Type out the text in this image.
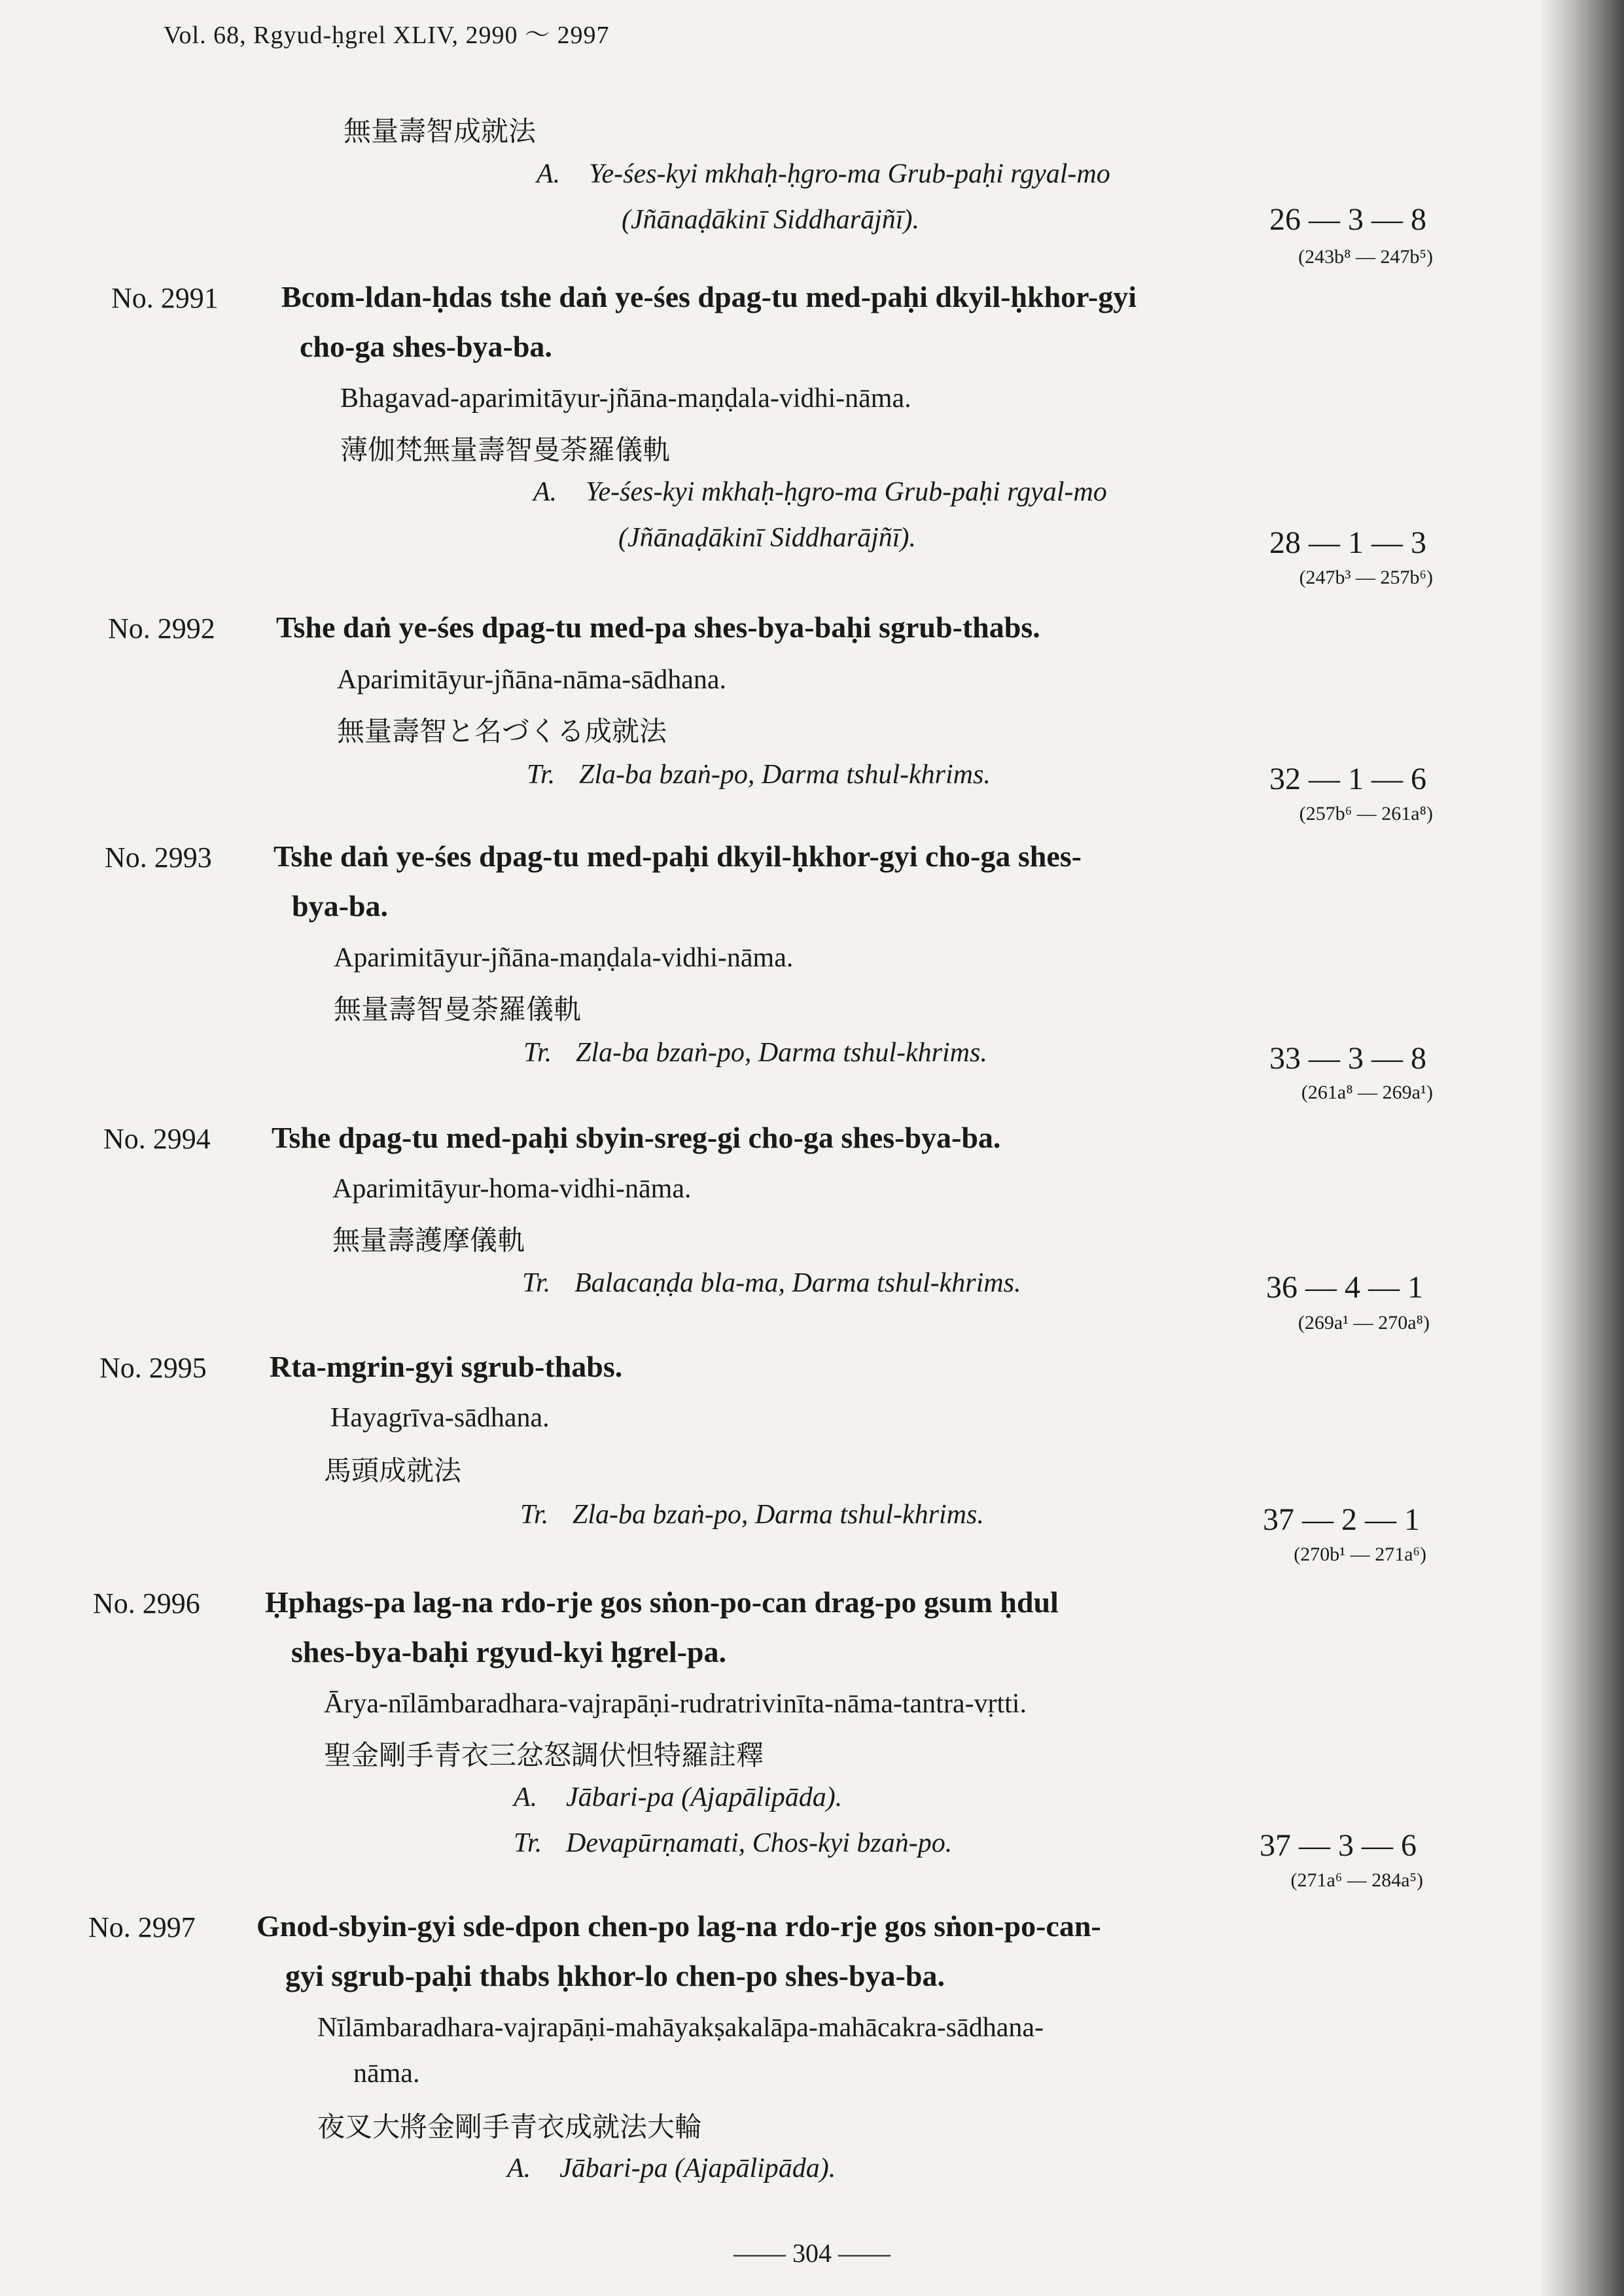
Vol. 68, Rgyud-ḥgrel XLIV, 2990 ～ 2997
無量壽智成就法
A. Ye-śes-kyi mkhaḥ-ḥgro-ma Grub-paḥi rgyal-mo
(Jñānaḍākinī Siddharājñī).	26 — 3 — 8
(243b⁸ — 247b⁵)
No. 2991 Bcom-ldan-ḥdas tshe daṅ ye-śes dpag-tu med-paḥi dkyil-ḥkhor-gyi
cho-ga shes-bya-ba.
Bhagavad-aparimitāyur-jñāna-maṇḍala-vidhi-nāma.
薄伽梵無量壽智曼荼羅儀軌
A. Ye-śes-kyi mkhaḥ-ḥgro-ma Grub-paḥi rgyal-mo
(Jñānaḍākinī Siddharājñī).	28 — 1 — 3
(247b³ — 257b⁶)
No. 2992 Tshe daṅ ye-śes dpag-tu med-pa shes-bya-baḥi sgrub-thabs.
Aparimitāyur-jñāna-nāma-sādhana.
無量壽智と名づくる成就法
Tr. Zla-ba bzaṅ-po, Darma tshul-khrims.	32 — 1 — 6
(257b⁶ — 261a⁸)
No. 2993 Tshe daṅ ye-śes dpag-tu med-paḥi dkyil-ḥkhor-gyi cho-ga shes-
bya-ba.
Aparimitāyur-jñāna-maṇḍala-vidhi-nāma.
無量壽智曼荼羅儀軌
Tr. Zla-ba bzaṅ-po, Darma tshul-khrims.	33 — 3 — 8
(261a⁸ — 269a¹)
No. 2994 Tshe dpag-tu med-paḥi sbyin-sreg-gi cho-ga shes-bya-ba.
Aparimitāyur-homa-vidhi-nāma.
無量壽護摩儀軌
Tr. Balacaṇḍa bla-ma, Darma tshul-khrims.	36 — 4 — 1
(269a¹ — 270a⁸)
No. 2995 Rta-mgrin-gyi sgrub-thabs.
Hayagrīva-sādhana.
馬頭成就法
Tr. Zla-ba bzaṅ-po, Darma tshul-khrims.	37 — 2 — 1
(270b¹ — 271a⁶)
No. 2996 Ḥphags-pa lag-na rdo-rje gos sṅon-po-can drag-po gsum ḥdul
shes-bya-baḥi rgyud-kyi ḥgrel-pa.
Ārya-nīlāmbaradhara-vajrapāṇi-rudratrivinīta-nāma-tantra-vṛtti.
聖金剛手青衣三忿怒調伏怛特羅註釋
A. Jābari-pa (Ajapālipāda).
Tr. Devapūrṇamati, Chos-kyi bzaṅ-po.	37 — 3 — 6
(271a⁶ — 284a⁵)
No. 2997 Gnod-sbyin-gyi sde-dpon chen-po lag-na rdo-rje gos sṅon-po-can-
gyi sgrub-paḥi thabs ḥkhor-lo chen-po shes-bya-ba.
Nīlāmbaradhara-vajrapāṇi-mahāyakṣakalāpa-mahācakra-sādhana-
nāma.
夜叉大將金剛手青衣成就法大輪
A. Jābari-pa (Ajapālipāda).
—— 304 ——
